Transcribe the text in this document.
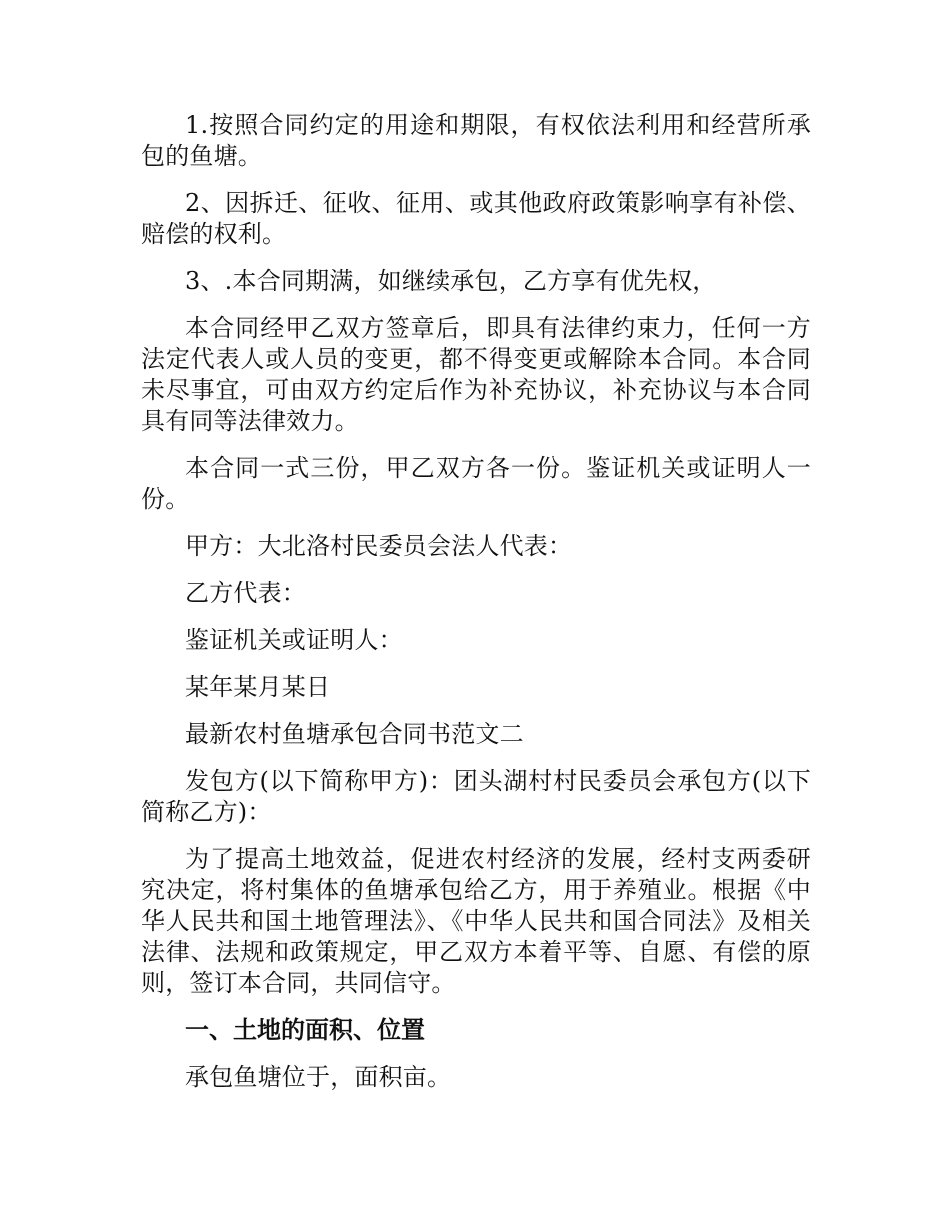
1.按照合同约定的用途和期限，有权依法利用和经营所承包的鱼塘。

2、因拆迁、征收、征用、或其他政府政策影响享有补偿、赔偿的权利。

3、.本合同期满，如继续承包，乙方享有优先权，

本合同经甲乙双方签章后，即具有法律约束力，任何一方法定代表人或人员的变更，都不得变更或解除本合同。本合同未尽事宜，可由双方约定后作为补充协议，补充协议与本合同具有同等法律效力。

本合同一式三份，甲乙双方各一份。鉴证机关或证明人一份。

甲方：大北洛村民委员会法人代表：

乙方代表：

鉴证机关或证明人：

某年某月某日

最新农村鱼塘承包合同书范文二

发包方(以下简称甲方)：团头湖村村民委员会承包方(以下简称乙方)：

为了提高土地效益，促进农村经济的发展，经村支两委研究决定，将村集体的鱼塘承包给乙方，用于养殖业。根据《中华人民共和国土地管理法》、《中华人民共和国合同法》及相关法律、法规和政策规定，甲乙双方本着平等、自愿、有偿的原则，签订本合同，共同信守。

一、土地的面积、位置

承包鱼塘位于，面积亩。
